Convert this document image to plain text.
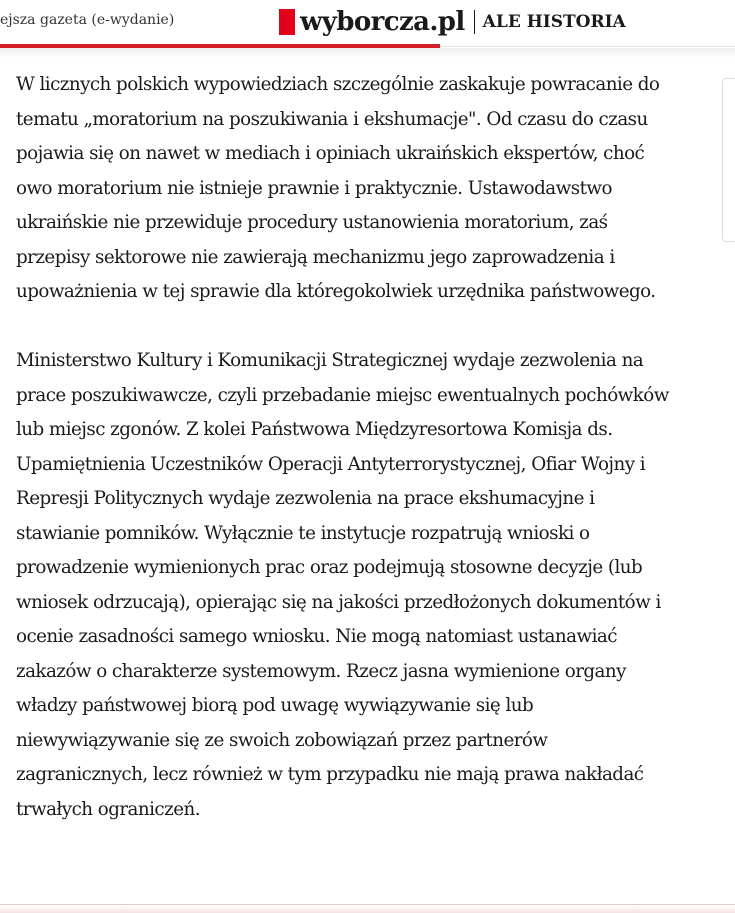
ejsza gazeta (e-wydanie)	wyborcza.pl ALE HISTORIA

W licznych polskich wypowiedziach szczególnie zaskakuje powracanie do tematu „moratorium na poszukiwania i ekshumacje". Od czasu do czasu pojawia się on nawet w mediach i opiniach ukraińskich ekspertów, choć owo moratorium nie istnieje prawnie i praktycznie. Ustawodawstwo ukraińskie nie przewiduje procedury ustanowienia moratorium, zaś przepisy sektorowe nie zawierają mechanizmu jego zaprowadzenia i upoważnienia w tej sprawie dla któregokolwiek urzędnika państwowego.

Ministerstwo Kultury i Komunikacji Strategicznej wydaje zezwolenia na prace poszukiwawcze, czyli przebadanie miejsc ewentualnych pochówków lub miejsc zgonów. Z kolei Państwowa Międzyresortowa Komisja ds. Upamiętnienia Uczestników Operacji Antyterrorystycznej, Ofiar Wojny i Represji Politycznych wydaje zezwolenia na prace ekshumacyjne i stawianie pomników. Wyłącznie te instytucje rozpatrują wnioski o prowadzenie wymienionych prac oraz podejmują stosowne decyzje (lub wniosek odrzucają), opierając się na jakości przedłożonych dokumentów i ocenie zasadności samego wniosku. Nie mogą natomiast ustanawiać zakazów o charakterze systemowym. Rzecz jasna wymienione organy władzy państwowej biorą pod uwagę wywiązywanie się lub niewywiązywanie się ze swoich zobowiązań przez partnerów zagranicznych, lecz również w tym przypadku nie mają prawa nakładać trwałych ograniczeń.
